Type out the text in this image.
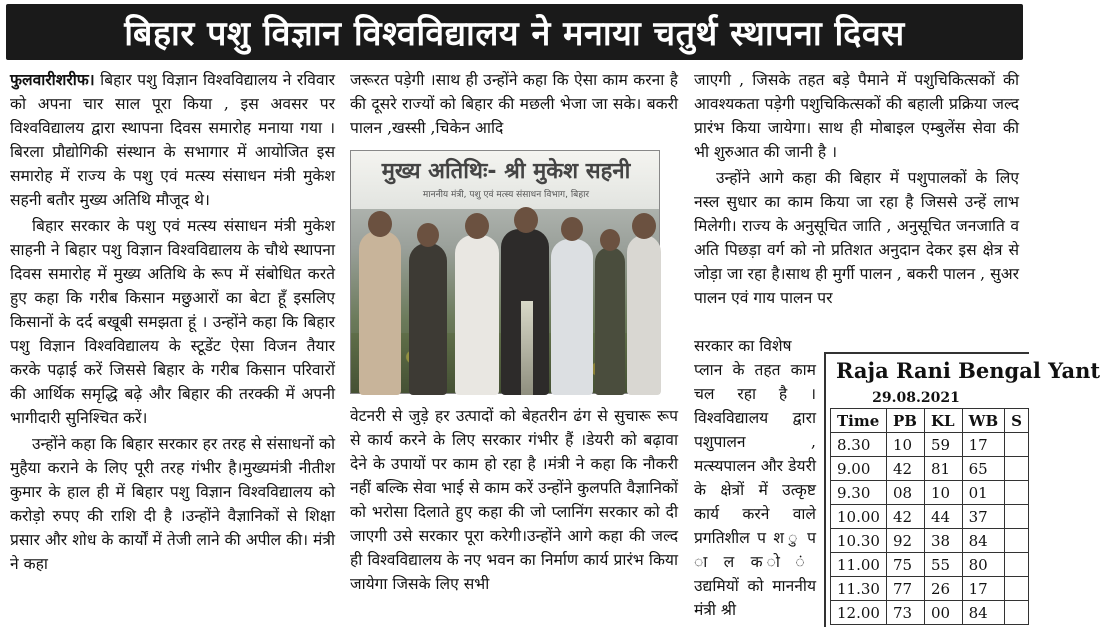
बिहार पशु विज्ञान विश्वविद्यालय ने मनाया चतुर्थ स्थापना दिवस

फुलवारीशरीफ। बिहार पशु विज्ञान विश्वविद्यालय ने रविवार को अपना चार साल पूरा किया , इस अवसर पर विश्वविद्यालय द्वारा स्थापना दिवस समारोह मनाया गया ।बिरला प्रौद्योगिकी संस्थान के सभागार में आयोजित इस समारोह में राज्य के पशु एवं मत्स्य संसाधन मंत्री मुकेश सहनी बतौर मुख्य अतिथि मौजूद थे।

बिहार सरकार के पशु एवं मत्स्य संसाधन मंत्री मुकेश साहनी ने बिहार पशु विज्ञान विश्वविद्यालय के चौथे स्थापना दिवस समारोह में मुख्य अतिथि के रूप में संबोधित करते हुए कहा कि गरीब किसान मछुआरों का बेटा हूँ इसलिए किसानों के दर्द बखूबी समझता हूं । उन्होंने कहा कि बिहार पशु विज्ञान विश्वविद्यालय के स्टूडेंट ऐसा विजन तैयार करके पढ़ाई करें जिससे बिहार के गरीब किसान परिवारों की आर्थिक समृद्धि बढ़े और बिहार की तरक्की में अपनी भागीदारी सुनिश्चित करें।

उन्होंने कहा कि बिहार सरकार हर तरह से संसाधनों को मुहैया कराने के लिए पूरी तरह गंभीर है।मुख्यमंत्री नीतीश कुमार के हाल ही में बिहार पशु विज्ञान विश्वविद्यालय को करोड़ो रुपए की राशि दी है ।उन्होंने वैज्ञानिकों से शिक्षा प्रसार और शोध के कार्यों में तेजी लाने की अपील की। मंत्री ने कहा

जरूरत पड़ेगी ।साथ ही उन्होंने कहा कि ऐसा काम करना है की दूसरे राज्यों को बिहार की मछली भेजा जा सके। बकरी पालन ,खस्सी ,चिकेन आदि

मुख्य अतिथिः- श्री मुकेश सहनी
माननीय मंत्री, पशु एवं मत्स्य संसाधन विभाग, बिहार

वेटनरी से जुड़े हर उत्पादों को बेहतरीन ढंग से सुचारू रूप से कार्य करने के लिए सरकार गंभीर हैं ।डेयरी को बढ़ावा देने के उपायों पर काम हो रहा है ।मंत्री ने कहा कि नौकरी नहीं बल्कि सेवा भाई से काम करें उन्होंने कुलपति वैज्ञानिकों को भरोसा दिलाते हुए कहा की जो प्लानिंग सरकार को दी जाएगी उसे सरकार पूरा करेगी।उन्होंने आगे कहा की जल्द ही विश्वविद्यालय के नए भवन का निर्माण कार्य प्रारंभ किया जायेगा जिसके लिए सभी

जाएगी , जिसके तहत बड़े पैमाने में पशुचिकित्सकों की आवश्यकता पड़ेगी पशुचिकित्सकों की बहाली प्रक्रिया जल्द प्रारंभ किया जायेगा। साथ ही मोबाइल एम्बुलेंस सेवा की भी शुरुआत की जानी है ।

उन्होंने आगे कहा की बिहार में पशुपालकों के लिए नस्ल सुधार का काम किया जा रहा है जिससे उन्हें लाभ मिलेगी। राज्य के अनुसूचित जाति , अनुसूचित जनजाति व अति पिछड़ा वर्ग को नो प्रतिशत अनुदान देकर इस क्षेत्र से जोड़ा जा रहा है।साथ ही मुर्गी पालन , बकरी पालन , सुअर पालन एवं गाय पालन पर

सरकार का विशेष
प्लान के तहत काम चल रहा है । विश्वविद्यालय द्वारा पशुपालन , मत्स्यपालन और डेयरी के क्षेत्रों में उत्कृष्ट कार्य करने वाले प्रगतिशील प श ु प ा ल क ो ं उद्यमियों को माननीय मंत्री श्री
Raja Rani Bengal Yant
29.08.2021
Time	PB	KL	WB	S
8.30	10	59	17	
9.00	42	81	65	
9.30	08	10	01	
10.00	42	44	37	
10.30	92	38	84	
11.00	75	55	80	
11.30	77	26	17	
12.00	73	00	84	
